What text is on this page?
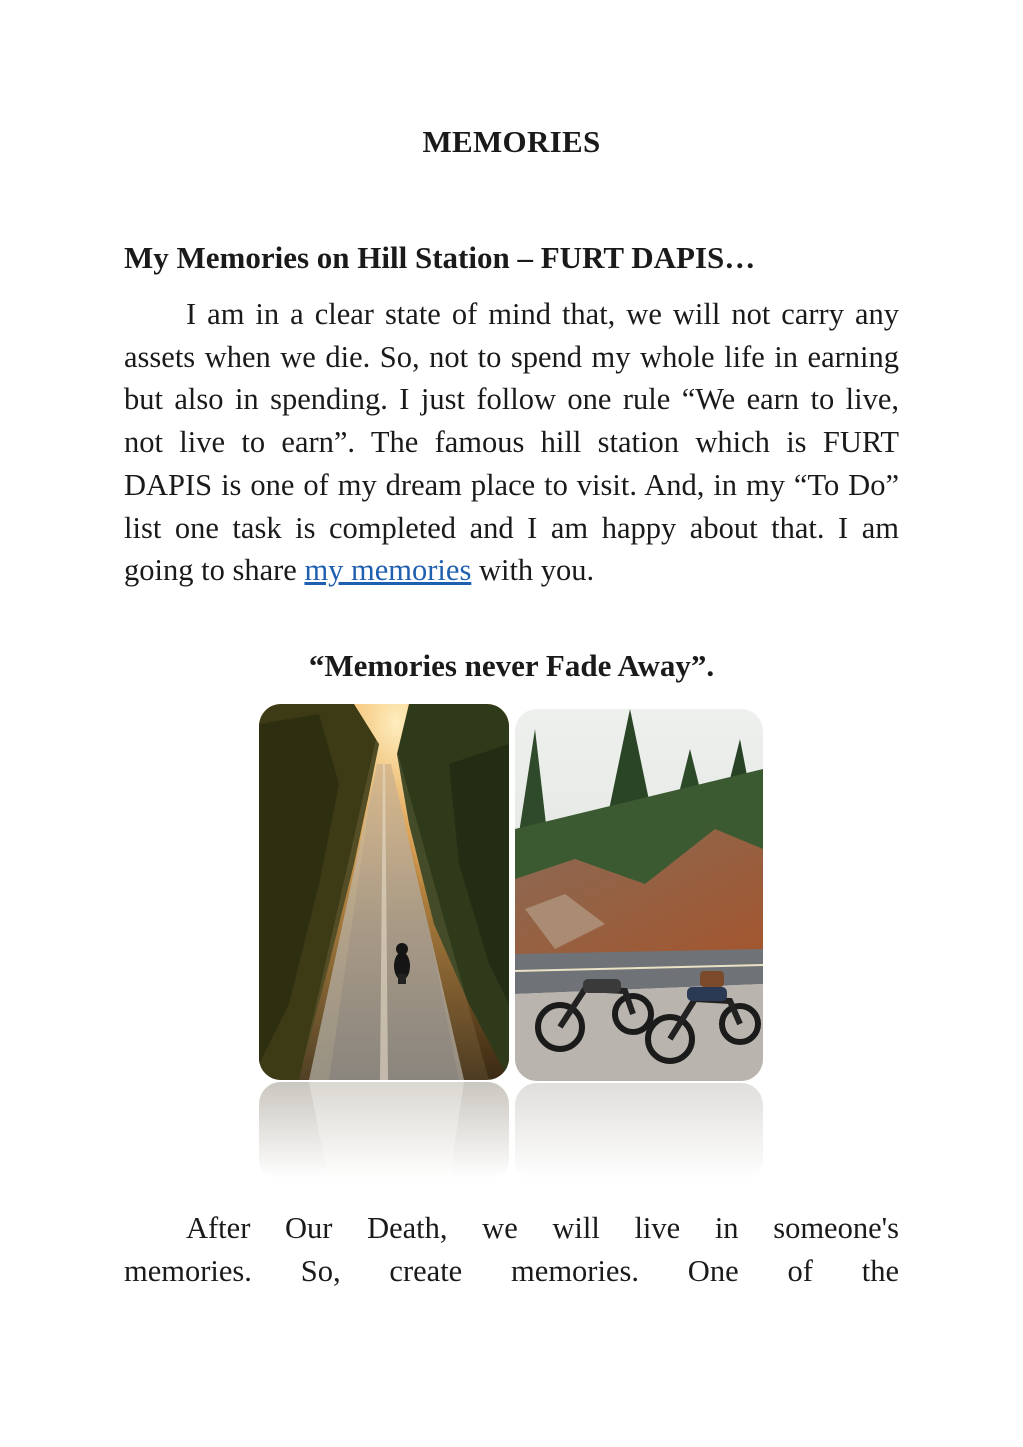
MEMORIES
My Memories on Hill Station – FURT DAPIS…

I am in a clear state of mind that, we will not carry any assets when we die. So, not to spend my whole life in earning but also in spending. I just follow one rule “We earn to live, not live to earn”. The famous hill station which is FURT DAPIS is one of my dream place to visit. And, in my “To Do” list one task is completed and I am happy about that. I am going to share my memories with you.

“Memories never Fade Away”.
After Our Death, we will live in someone's
memories. So, create memories. One of the
